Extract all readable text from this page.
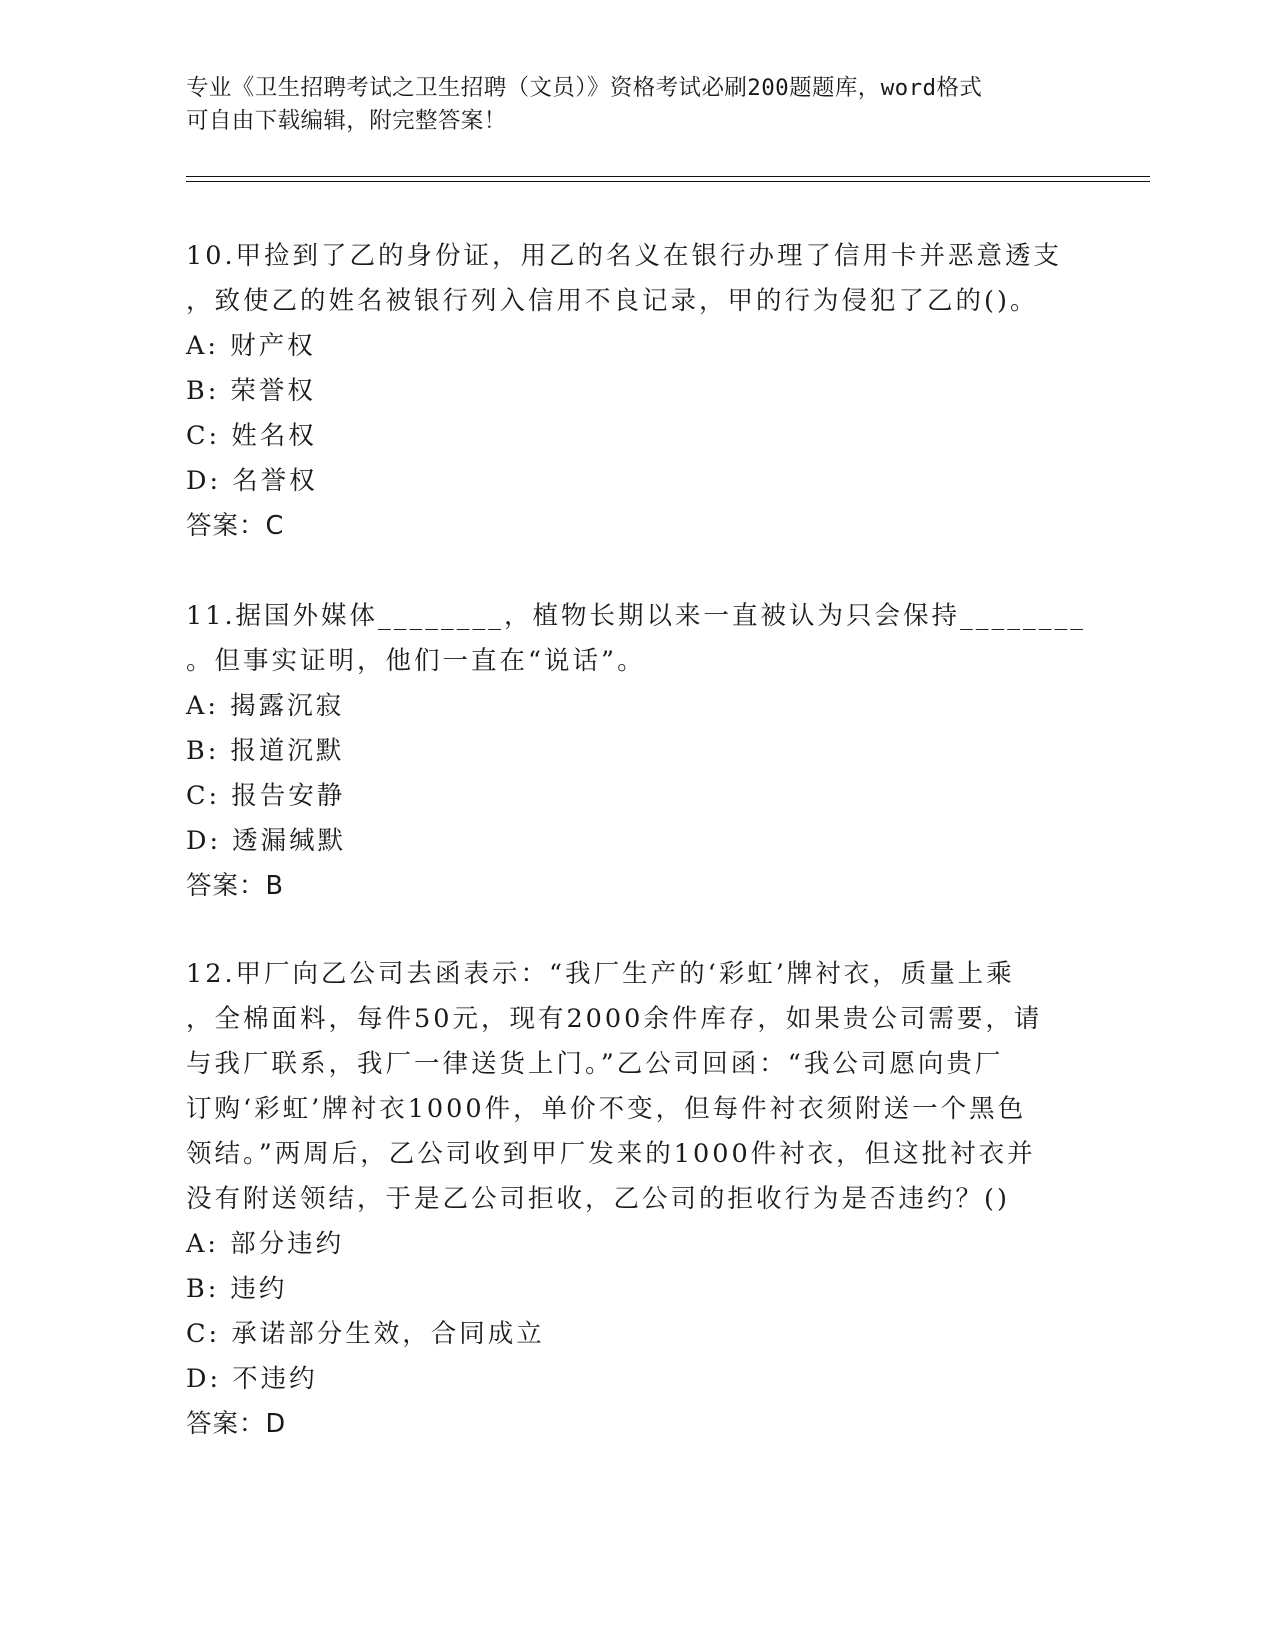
专业《卫生招聘考试之卫生招聘（文员）》资格考试必刷200题题库，word格式
可自由下载编辑，附完整答案！
10.甲捡到了乙的身份证，用乙的名义在银行办理了信用卡并恶意透支
，致使乙的姓名被银行列入信用不良记录，甲的行为侵犯了乙的()。
A: 财产权
B: 荣誉权
C: 姓名权
D: 名誉权
答案：C
11.据国外媒体________，植物长期以来一直被认为只会保持________
。但事实证明，他们一直在“说话”。
A: 揭露沉寂
B: 报道沉默
C: 报告安静
D: 透漏缄默
答案：B
12.甲厂向乙公司去函表示：“我厂生产的‘彩虹’牌衬衣，质量上乘
，全棉面料，每件50元，现有2000余件库存，如果贵公司需要，请
与我厂联系，我厂一律送货上门。”乙公司回函：“我公司愿向贵厂
订购‘彩虹’牌衬衣1000件，单价不变，但每件衬衣须附送一个黑色
领结。”两周后，乙公司收到甲厂发来的1000件衬衣，但这批衬衣并
没有附送领结，于是乙公司拒收，乙公司的拒收行为是否违约？()
A: 部分违约
B: 违约
C: 承诺部分生效，合同成立
D: 不违约
答案：D
